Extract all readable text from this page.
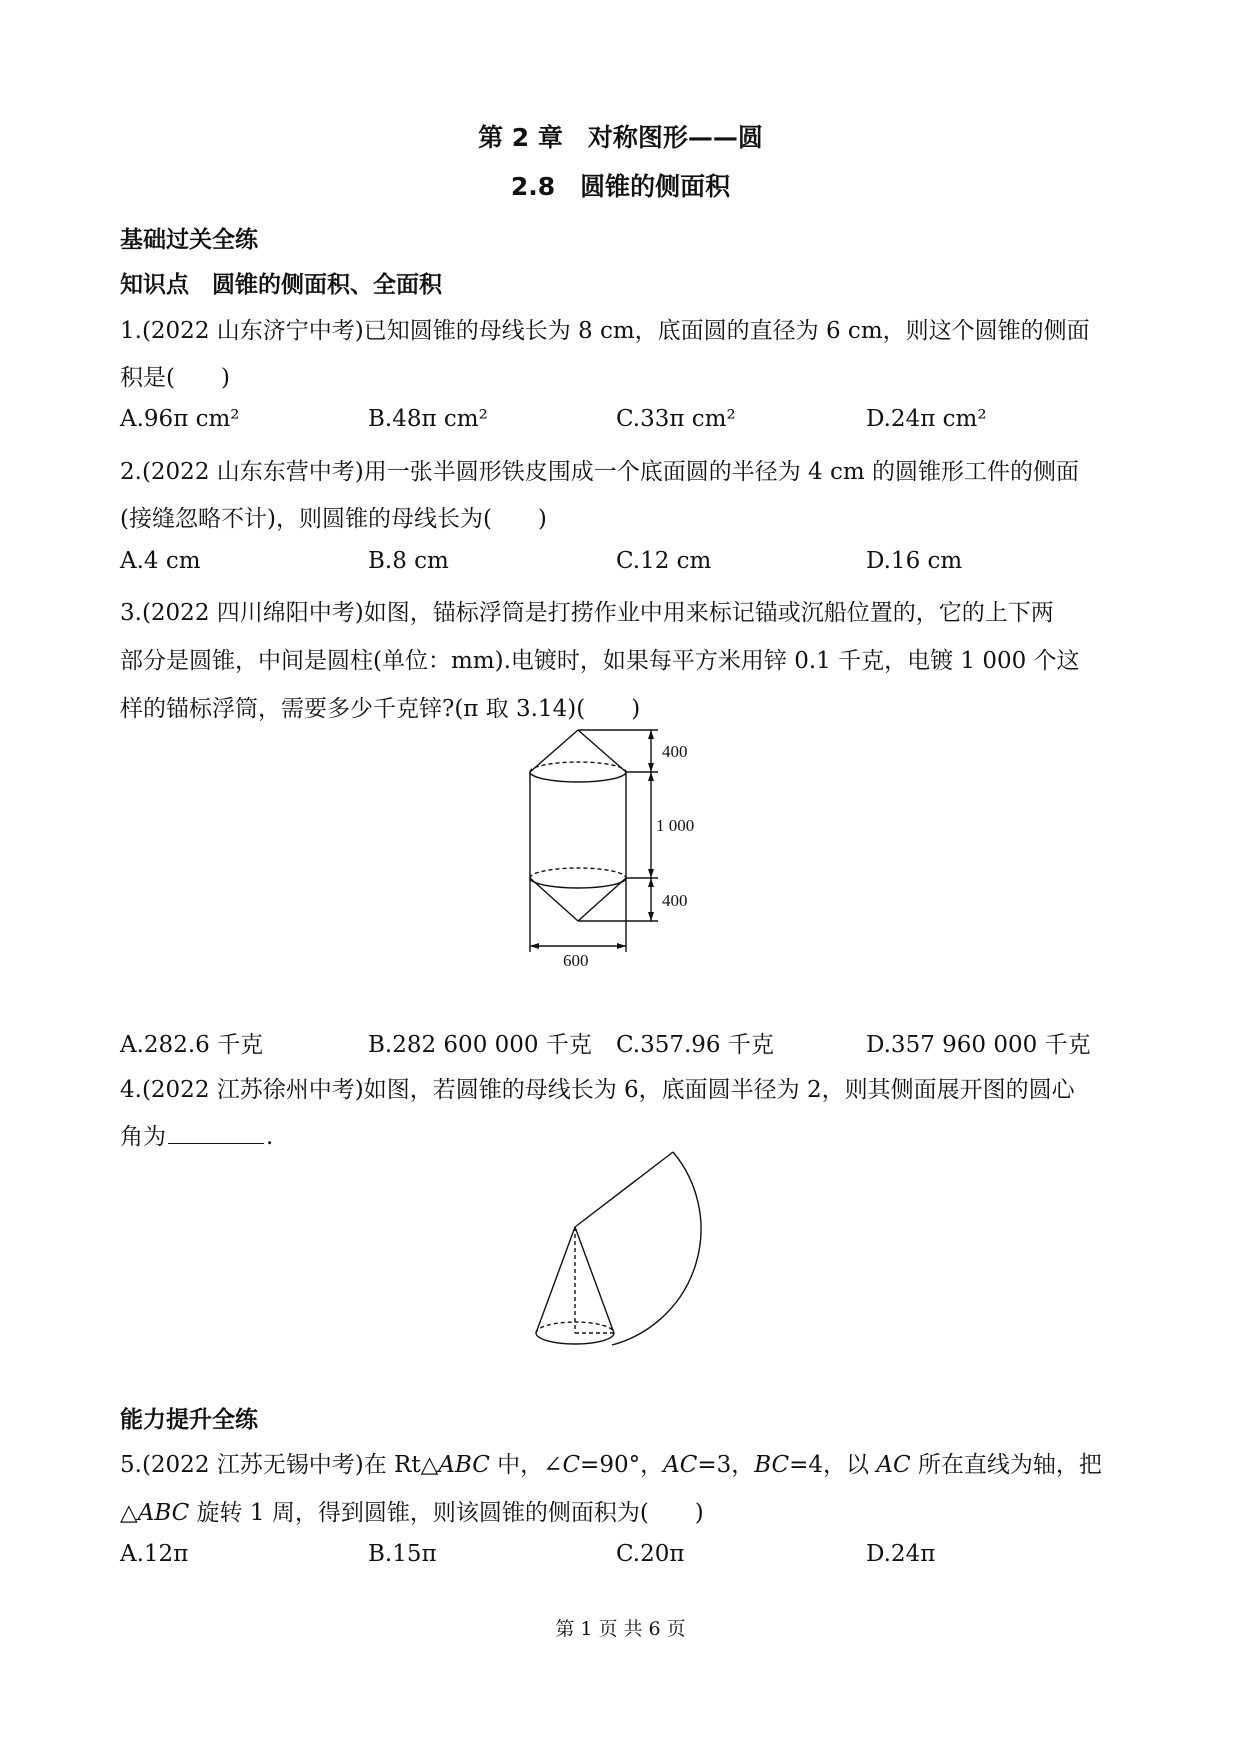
第 2 章　对称图形——圆
2.8　圆锥的侧面积
基础过关全练
知识点　圆锥的侧面积、全面积
1.(2022 山东济宁中考)已知圆锥的母线长为 8 cm，底面圆的直径为 6 cm，则这个圆锥的侧面
积是(　　)
A.96π cm²	B.48π cm²	C.33π cm²	D.24π cm²
2.(2022 山东东营中考)用一张半圆形铁皮围成一个底面圆的半径为 4 cm 的圆锥形工件的侧面
(接缝忽略不计)，则圆锥的母线长为(　　)
A.4 cm	B.8 cm	C.12 cm	D.16 cm
3.(2022 四川绵阳中考)如图，锚标浮筒是打捞作业中用来标记锚或沉船位置的，它的上下两
部分是圆锥，中间是圆柱(单位：mm).电镀时，如果每平方米用锌 0.1 千克，电镀 1 000 个这
样的锚标浮筒，需要多少千克锌?(π 取 3.14)(　　)
400
1 000
400
600
A.282.6 千克	B.282 600 000 千克 C.357.96 千克	D.357 960 000 千克
4.(2022 江苏徐州中考)如图，若圆锥的母线长为 6，底面圆半径为 2，则其侧面展开图的圆心
角为	.
能力提升全练
5.(2022 江苏无锡中考)在 Rt△ABC 中，∠C=90°，AC=3，BC=4，以 AC 所在直线为轴，把
△ABC 旋转 1 周，得到圆锥，则该圆锥的侧面积为(　　)
A.12π	B.15π	C.20π	D.24π
第 1 页 共 6 页
